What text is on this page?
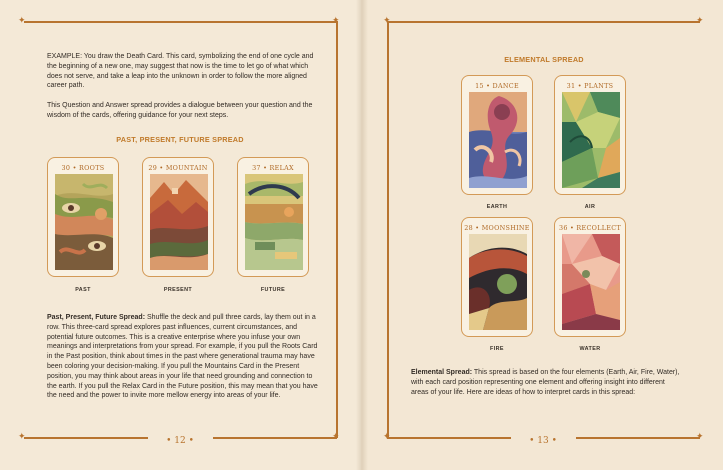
✦	✦
✦	✦
• 12 •
EXAMPLE: You draw the Death Card. This card, symbolizing the end of one cycle and the beginning of a new one, may suggest that now is the time to let go of what which does not serve, and take a leap into the unknown in order to follow the more aligned career path.
This Question and Answer spread provides a dialogue between your question and the wisdom of the cards, offering guidance for your next steps.
PAST, PRESENT, FUTURE SPREAD
30 • ROOTS
PAST
29 • MOUNTAIN
PRESENT
37 • RELAX
FUTURE
Past, Present, Future Spread: Shuffle the deck and pull three cards, lay them out in a row. This three-card spread explores past influences, current circumstances, and potential future outcomes. This is a creative enterprise where you infuse your own meanings and interpretations from your spread. For example, if you pull the Roots Card in the Past position, think about times in the past where generational trauma may have been coloring your decision-making. If you pull the Mountains Card in the Present position, you may think about areas in your life that need grounding and connection to the earth. If you pull the Relax Card in the Future position, this may mean that you have the need and the power to invite more mellow energy into areas of your life.
✦	✦
✦	✦
• 13 •
ELEMENTAL SPREAD
15 • DANCE
EARTH
31 • PLANTS
AIR
28 • MOONSHINE
FIRE
36 • RECOLLECT
WATER
Elemental Spread: This spread is based on the four elements (Earth, Air, Fire, Water), with each card position representing one element and offering insight into different areas of your life. Here are ideas of how to interpret cards in this spread:
